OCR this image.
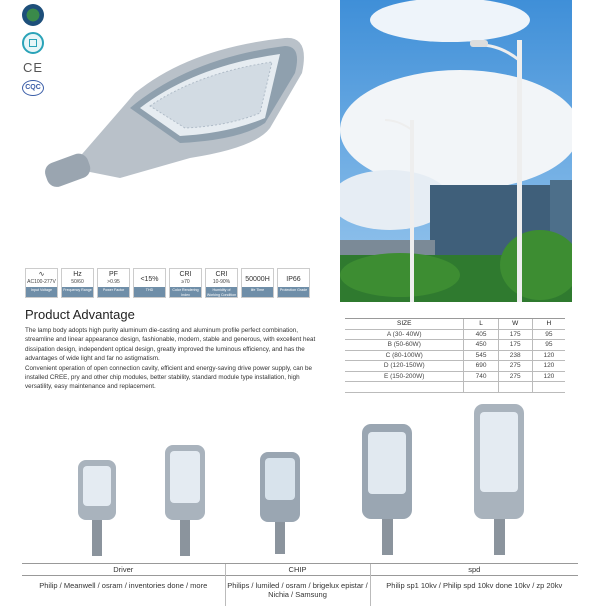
CE
CQC
∿
AC100-277V
Input Voltage
Hz
50/60
Frequency Range
PF
>0.95
Power Factor
<15%
THD
CRI
≥70
Color Rendering Index
CRI
10-90%
Humidity of Working Condition
50000H
life Time
IP66
Protection Grade
Product Advantage

The lamp body adopts high purity aluminum die-casting and aluminum profile perfect combination, streamline and linear appearance design, fashionable, modern, stable and generous, with excellent heat dissipation design, independent optical design, greatly improved the luminous efficiency, and has the advantages of wide light and far no astigmatism.

Convenient operation of open connection cavity, efficient and energy-saving drive power supply, can be installed CREE, pry and other chip modules, better stability, standard module type installation, high versatility, easy maintenance and replacement.

SIZE	L	W	H
A (30- 40W)	405	175	95
B (50-60W)	450	175	95
C (80-100W)	545	238	120
D (120-150W)	690	275	120
E (150-200W)	740	275	120

Driver	CHIP	spd
Philip / Meanwell / osram / inventories done / more	Philips / lumiled / osram / brigelux epistar / Nichia / Samsung	Philip sp1 10kv / Philip spd 10kv done 10kv / zp 20kv
